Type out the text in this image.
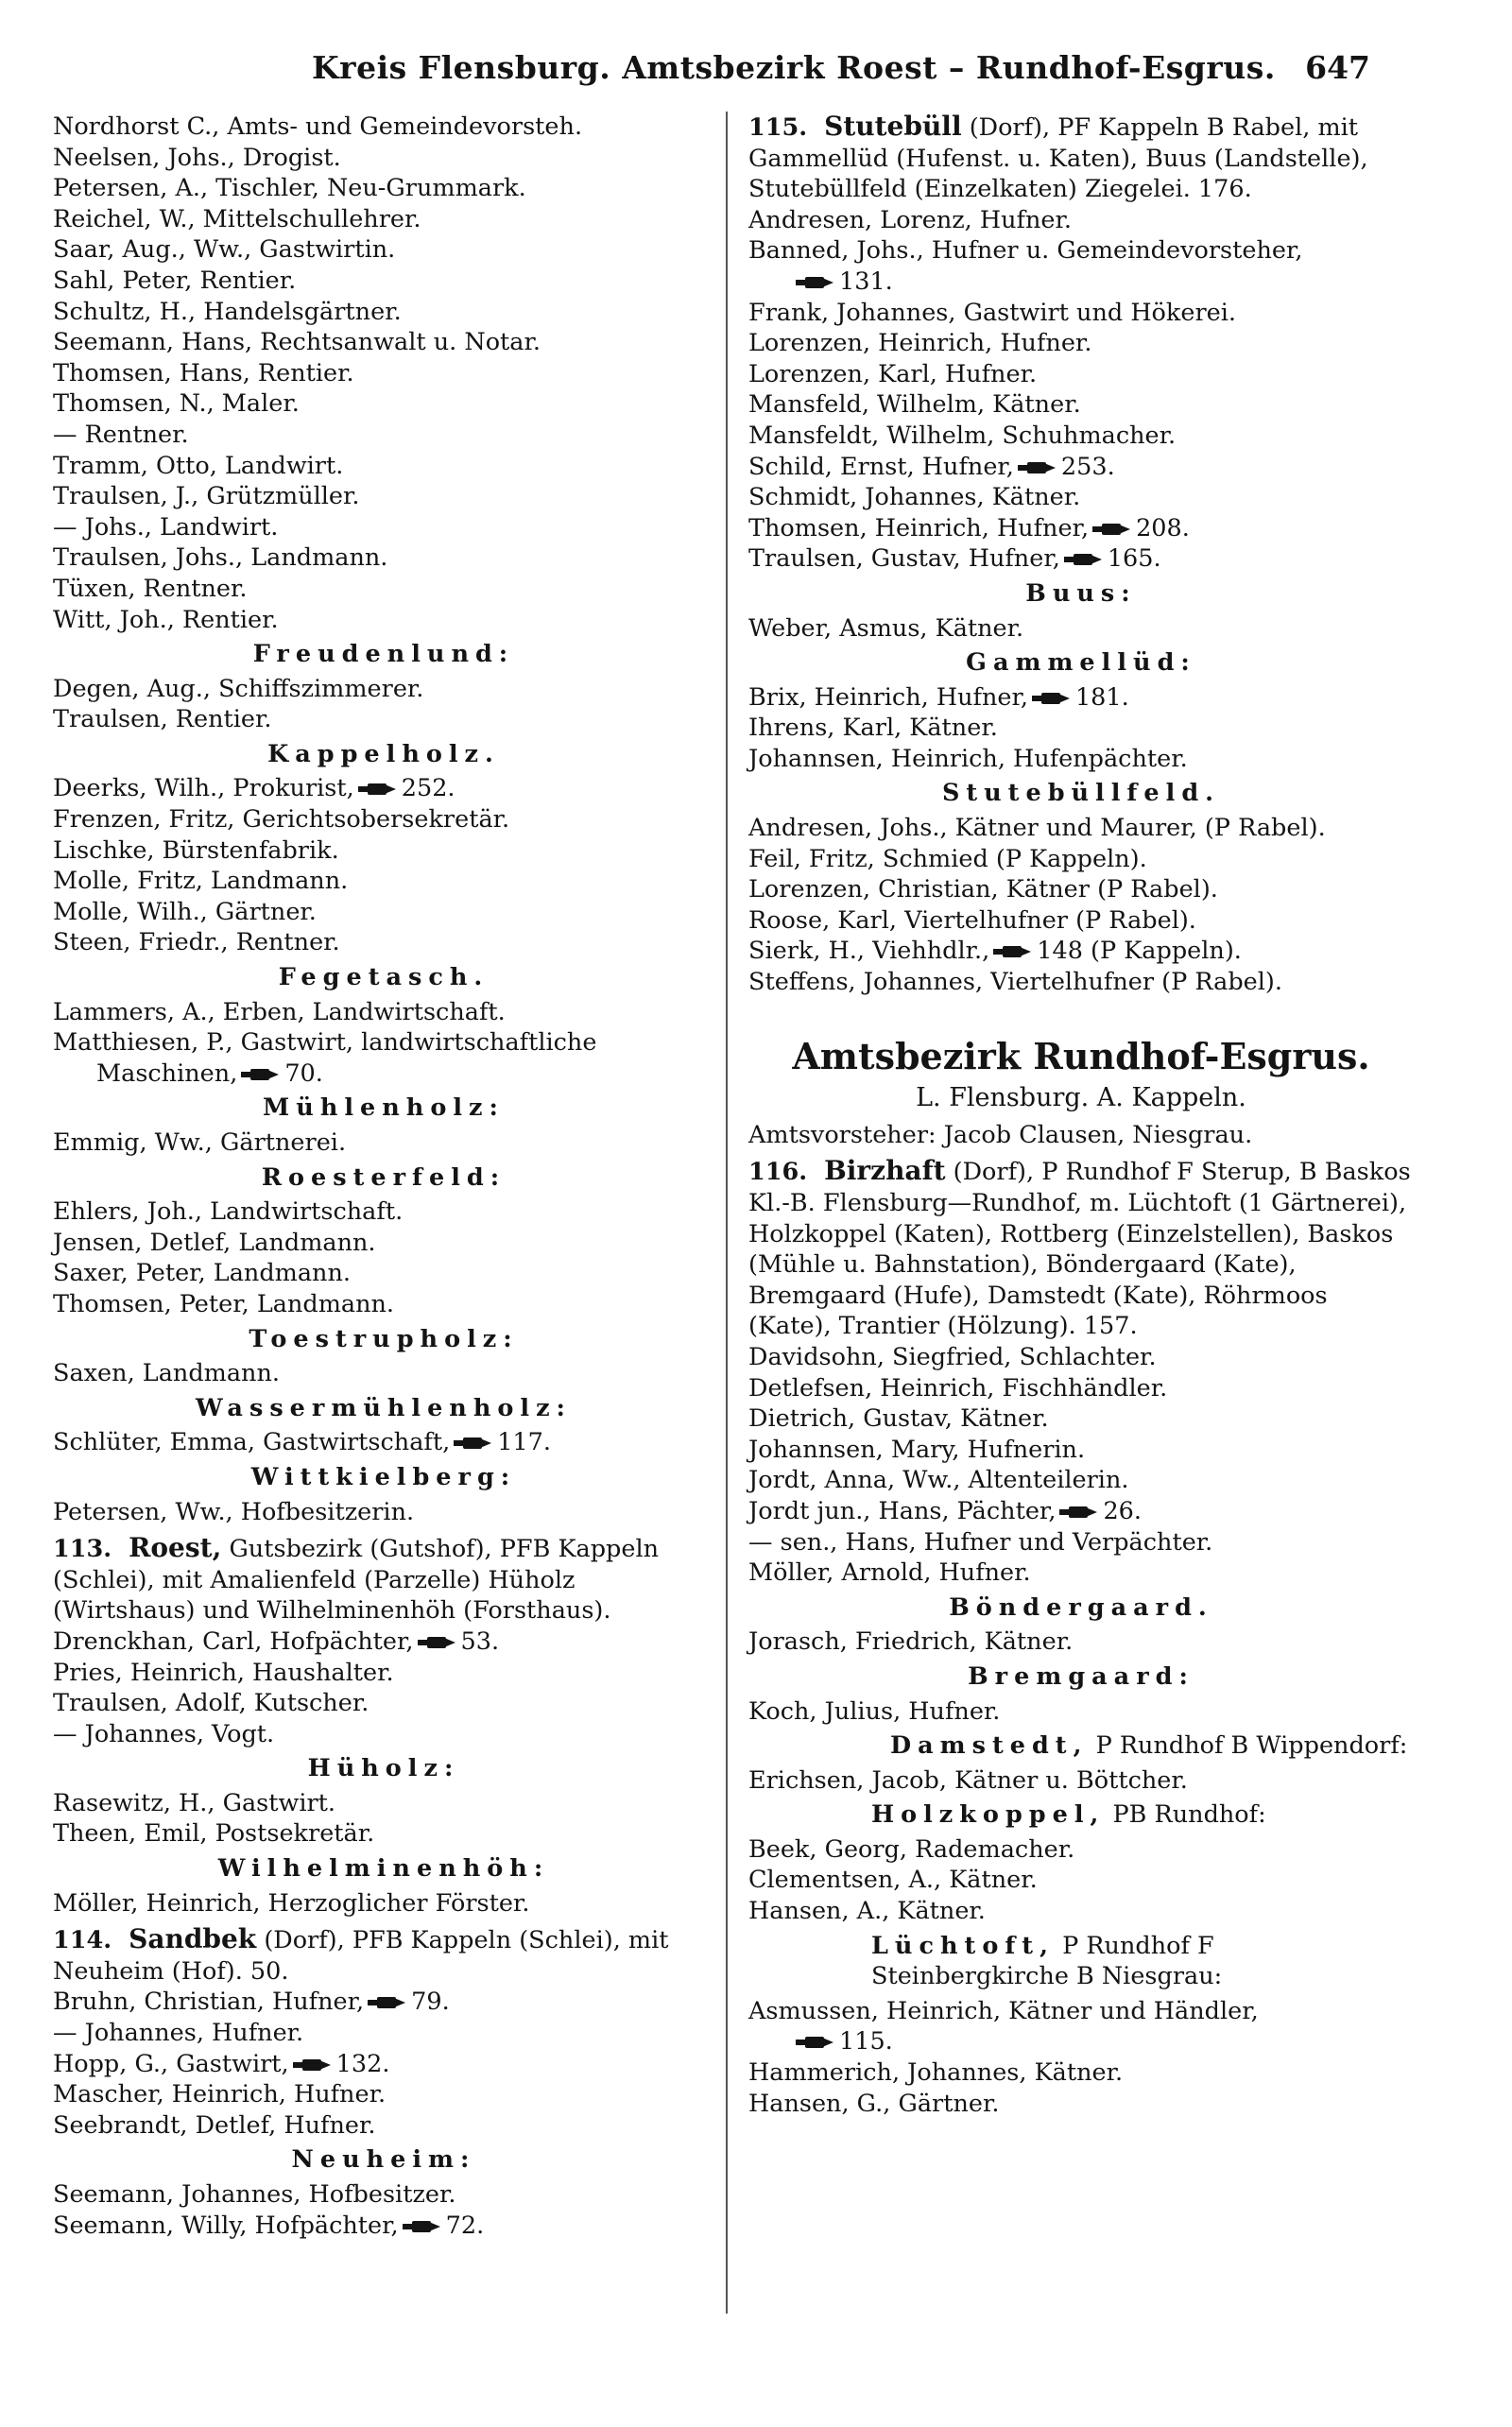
Kreis Flensburg. Amtsbezirk Roest – Rundhof-Esgrus. 647
Nordhorst C., Amts- und Gemeindevorsteh.
Neelsen, Johs., Drogist.
Petersen, A., Tischler, Neu-Grummark.
Reichel, W., Mittelschullehrer.
Saar, Aug., Ww., Gastwirtin.
Sahl, Peter, Rentier.
Schultz, H., Handelsgärtner.
Seemann, Hans, Rechtsanwalt u. Notar.
Thomsen, Hans, Rentier.
Thomsen, N., Maler.
— Rentner.
Tramm, Otto, Landwirt.
Traulsen, J., Grützmüller.
— Johs., Landwirt.
Traulsen, Johs., Landmann.
Tüxen, Rentner.
Witt, Joh., Rentier.
Freudenlund:
Degen, Aug., Schiffszimmerer.
Traulsen, Rentier.
Kappelholz.
Deerks, Wilh., Prokurist, 252.
Frenzen, Fritz, Gerichtsobersekretär.
Lischke, Bürstenfabrik.
Molle, Fritz, Landmann.
Molle, Wilh., Gärtner.
Steen, Friedr., Rentner.
Fegetasch.
Lammers, A., Erben, Landwirtschaft.
Matthiesen, P., Gastwirt, landwirtschaftliche
Maschinen, 70.
Mühlenholz:
Emmig, Ww., Gärtnerei.
Roesterfeld:
Ehlers, Joh., Landwirtschaft.
Jensen, Detlef, Landmann.
Saxer, Peter, Landmann.
Thomsen, Peter, Landmann.
Toestrupholz:
Saxen, Landmann.
Wassermühlenholz:
Schlüter, Emma, Gastwirtschaft, 117.
Wittkielberg:
Petersen, Ww., Hofbesitzerin.
113. Roest, Gutsbezirk (Gutshof), PFB Kappeln (Schlei), mit Amalienfeld (Parzelle) Hüholz (Wirtshaus) und Wilhelminenhöh (Forsthaus).
Drenckhan, Carl, Hofpächter, 53.
Pries, Heinrich, Haushalter.
Traulsen, Adolf, Kutscher.
— Johannes, Vogt.
Hüholz:
Rasewitz, H., Gastwirt.
Theen, Emil, Postsekretär.
Wilhelminenhöh:
Möller, Heinrich, Herzoglicher Förster.
114. Sandbek (Dorf), PFB Kappeln (Schlei), mit Neuheim (Hof). 50.
Bruhn, Christian, Hufner, 79.
— Johannes, Hufner.
Hopp, G., Gastwirt, 132.
Mascher, Heinrich, Hufner.
Seebrandt, Detlef, Hufner.
Neuheim:
Seemann, Johannes, Hofbesitzer.
Seemann, Willy, Hofpächter, 72.
115. Stutebüll (Dorf), PF Kappeln B Rabel, mit Gammellüd (Hufenst. u. Katen), Buus (Landstelle), Stutebüllfeld (Einzelkaten) Ziegelei. 176.
Andresen, Lorenz, Hufner.
Banned, Johs., Hufner u. Gemeindevorsteher,
131.
Frank, Johannes, Gastwirt und Hökerei.
Lorenzen, Heinrich, Hufner.
Lorenzen, Karl, Hufner.
Mansfeld, Wilhelm, Kätner.
Mansfeldt, Wilhelm, Schuhmacher.
Schild, Ernst, Hufner, 253.
Schmidt, Johannes, Kätner.
Thomsen, Heinrich, Hufner, 208.
Traulsen, Gustav, Hufner, 165.
Buus:
Weber, Asmus, Kätner.
Gammellüd:
Brix, Heinrich, Hufner, 181.
Ihrens, Karl, Kätner.
Johannsen, Heinrich, Hufenpächter.
Stutebüllfeld.
Andresen, Johs., Kätner und Maurer, (P Rabel).
Feil, Fritz, Schmied (P Kappeln).
Lorenzen, Christian, Kätner (P Rabel).
Roose, Karl, Viertelhufner (P Rabel).
Sierk, H., Viehhdlr., 148 (P Kappeln).
Steffens, Johannes, Viertelhufner (P Rabel).
Amtsbezirk Rundhof-Esgrus.
L. Flensburg. A. Kappeln.
Amtsvorsteher: Jacob Clausen, Niesgrau.
116. Birzhaft (Dorf), P Rundhof F Sterup, B Baskos Kl.-B. Flensburg—Rundhof, m. Lüchtoft (1 Gärtnerei), Holzkoppel (Katen), Rottberg (Einzelstellen), Baskos (Mühle u. Bahnstation), Böndergaard (Kate), Bremgaard (Hufe), Damstedt (Kate), Röhrmoos (Kate), Trantier (Hölzung). 157.
Davidsohn, Siegfried, Schlachter.
Detlefsen, Heinrich, Fischhändler.
Dietrich, Gustav, Kätner.
Johannsen, Mary, Hufnerin.
Jordt, Anna, Ww., Altenteilerin.
Jordt jun., Hans, Pächter, 26.
— sen., Hans, Hufner und Verpächter.
Möller, Arnold, Hufner.
Böndergaard.
Jorasch, Friedrich, Kätner.
Bremgaard:
Koch, Julius, Hufner.
Damstedt, P Rundhof B Wippendorf:
Erichsen, Jacob, Kätner u. Böttcher.
Holzkoppel, PB Rundhof:
Beek, Georg, Rademacher.
Clementsen, A., Kätner.
Hansen, A., Kätner.
Lüchtoft, P Rundhof F Steinbergkirche B Niesgrau:
Asmussen, Heinrich, Kätner und Händler,
115.
Hammerich, Johannes, Kätner.
Hansen, G., Gärtner.
